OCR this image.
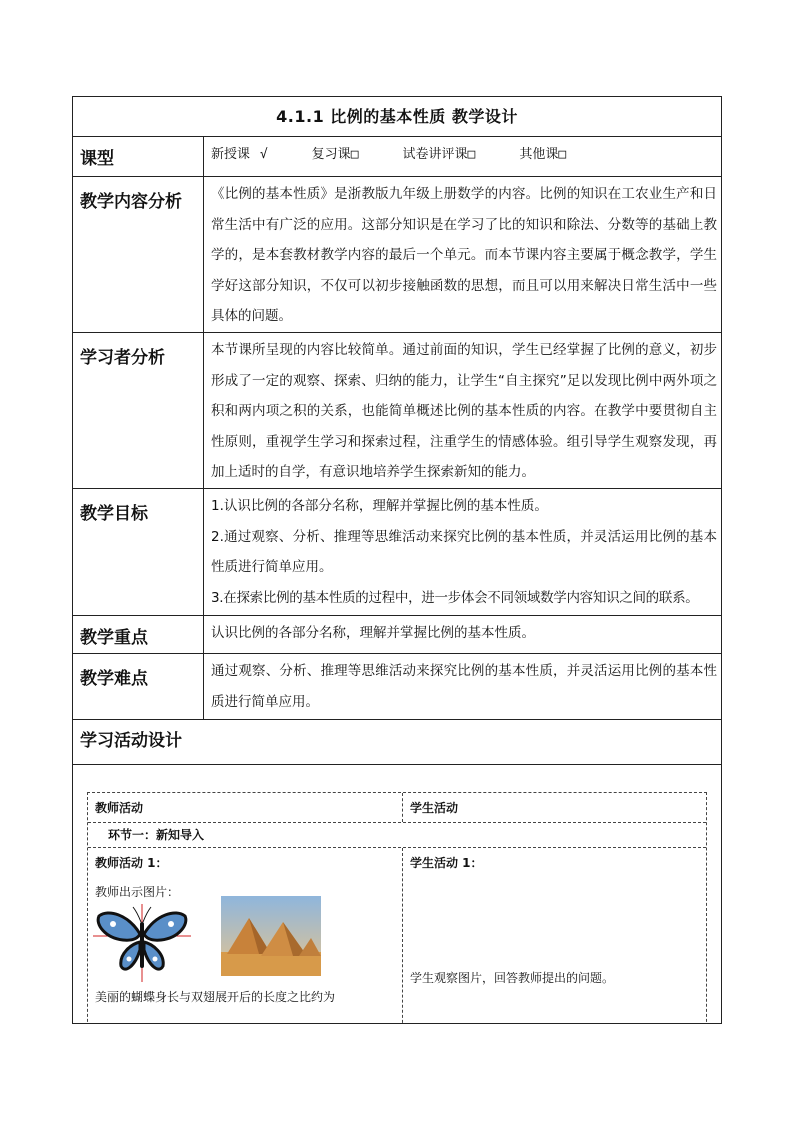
4.1.1 比例的基本性质 教学设计
课型	新授课 √	复习课□	试卷讲评课□	其他课□
教学内容分析	《比例的基本性质》是浙教版九年级上册数学的内容。比例的知识在工农业生产和日常生活中有广泛的应用。这部分知识是在学习了比的知识和除法、分数等的基础上教学的，是本套教材教学内容的最后一个单元。而本节课内容主要属于概念教学，学生学好这部分知识，不仅可以初步接触函数的思想，而且可以用来解决日常生活中一些具体的问题。
学习者分析	本节课所呈现的内容比较简单。通过前面的知识，学生已经掌握了比例的意义，初步形成了一定的观察、探索、归纳的能力，让学生“自主探究”足以发现比例中两外项之积和两内项之积的关系，也能简单概述比例的基本性质的内容。在教学中要贯彻自主性原则，重视学生学习和探索过程，注重学生的情感体验。组引导学生观察发现，再加上适时的自学，有意识地培养学生探索新知的能力。
教学目标	1.认识比例的各部分名称，理解并掌握比例的基本性质。
2.通过观察、分析、推理等思维活动来探究比例的基本性质，并灵活运用比例的基本性质进行简单应用。
3.在探索比例的基本性质的过程中，进一步体会不同领域数学内容知识之间的联系。
教学重点	认识比例的各部分名称，理解并掌握比例的基本性质。
教学难点	通过观察、分析、推理等思维活动来探究比例的基本性质，并灵活运用比例的基本性质进行简单应用。
学习活动设计
教师活动	学生活动
环节一：新知导入
教师活动 1：
教师出示图片：
美丽的蝴蝶身长与双翅展开后的长度之比约为
学生活动 1：
学生观察图片，回答教师提出的问题。
